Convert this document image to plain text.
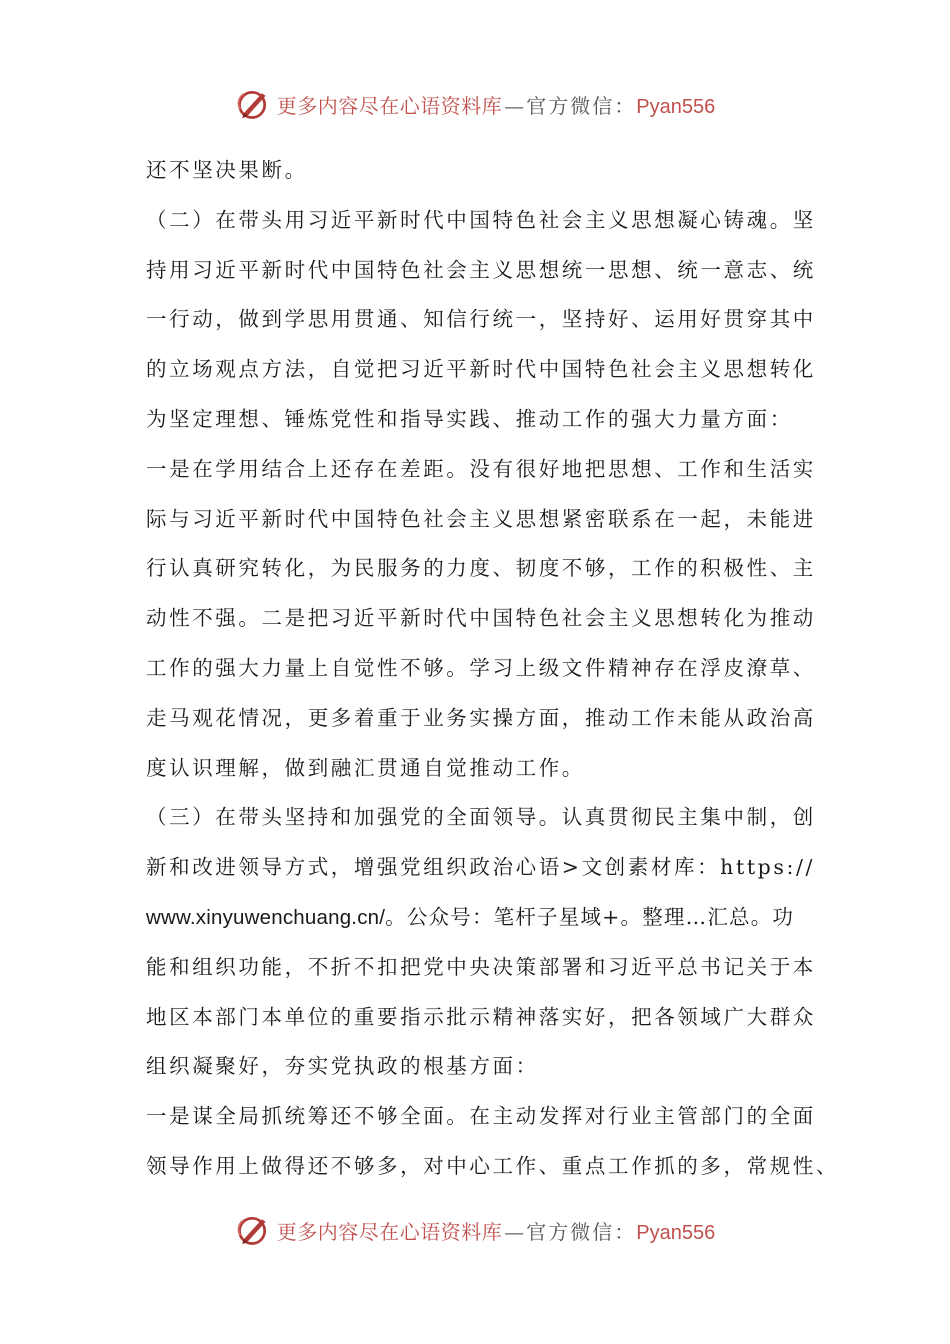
更多内容尽在心语资料库 — 官方微信： Pyan556
还不坚决果断。
（二）在带头用习近平新时代中国特色社会主义思想凝心铸魂。坚
持用习近平新时代中国特色社会主义思想统一思想、统一意志、统
一行动，做到学思用贯通、知信行统一，坚持好、运用好贯穿其中
的立场观点方法，自觉把习近平新时代中国特色社会主义思想转化
为坚定理想、锤炼党性和指导实践、推动工作的强大力量方面：
一是在学用结合上还存在差距。没有很好地把思想、工作和生活实
际与习近平新时代中国特色社会主义思想紧密联系在一起，未能进
行认真研究转化，为民服务的力度、韧度不够，工作的积极性、主
动性不强。二是把习近平新时代中国特色社会主义思想转化为推动
工作的强大力量上自觉性不够。学习上级文件精神存在浮皮潦草、
走马观花情况，更多着重于业务实操方面，推动工作未能从政治高
度认识理解，做到融汇贯通自觉推动工作。
（三）在带头坚持和加强党的全面领导。认真贯彻民主集中制，创
新和改进领导方式，增强党组织政治心语>文创素材库：https://
www.xinyuwenchuang.cn/。公众号：笔杆子星域+。整理…汇总。功
能和组织功能，不折不扣把党中央决策部署和习近平总书记关于本
地区本部门本单位的重要指示批示精神落实好，把各领域广大群众
组织凝聚好，夯实党执政的根基方面：
一是谋全局抓统筹还不够全面。在主动发挥对行业主管部门的全面
领导作用上做得还不够多，对中心工作、重点工作抓的多，常规性、
更多内容尽在心语资料库 — 官方微信： Pyan556
